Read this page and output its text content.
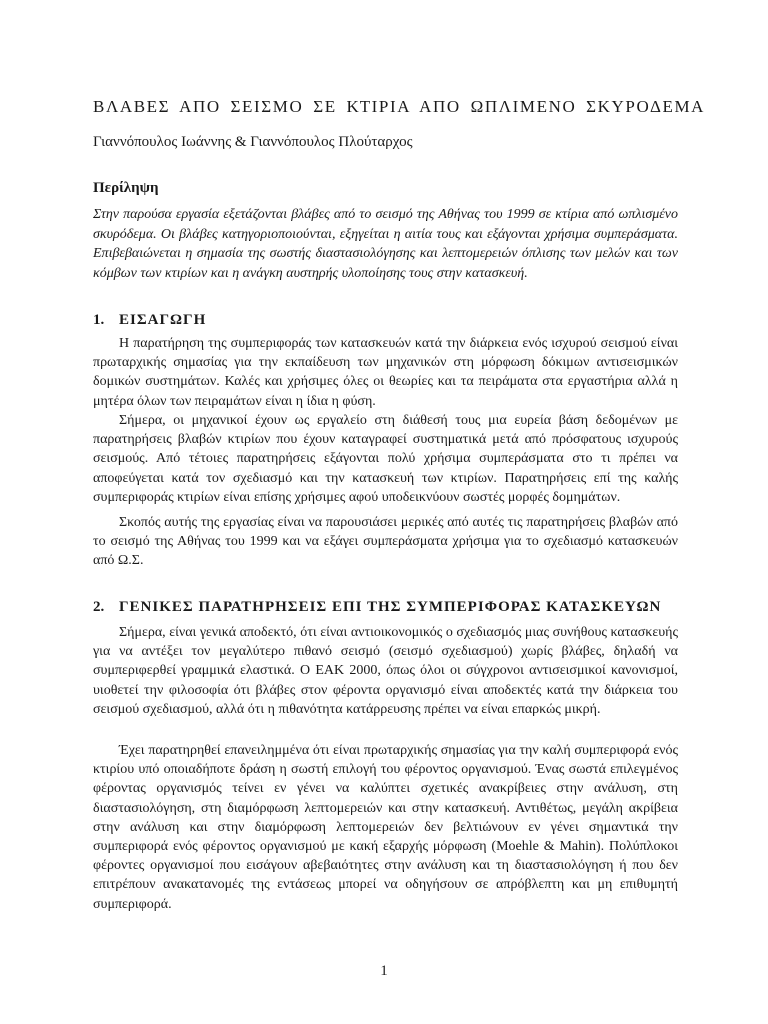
ΒΛΑΒΕΣ ΑΠΟ ΣΕΙΣΜΟ ΣΕ ΚΤΙΡΙΑ ΑΠΟ ΩΠΛΙΜΕΝΟ ΣΚΥΡΟΔΕΜΑ
Γιαννόπουλος Ιωάννης & Γιαννόπουλος Πλούταρχος
Περίληψη

Στην παρούσα εργασία εξετάζονται βλάβες από το σεισμό της Αθήνας του 1999 σε κτίρια από ωπλισμένο σκυρόδεμα. Οι βλάβες κατηγοριοποιούνται, εξηγείται η αιτία τους και εξάγονται χρήσιμα συμπεράσματα. Επιβεβαιώνεται η σημασία της σωστής διαστασιολόγησης και λεπτομερειών όπλισης των μελών και των κόμβων των κτιρίων και η ανάγκη αυστηρής υλοποίησης τους στην κατασκευή.

1. ΕΙΣΑΓΩΓΗ

Η παρατήρηση της συμπεριφοράς των κατασκευών κατά την διάρκεια ενός ισχυρού σεισμού είναι πρωταρχικής σημασίας για την εκπαίδευση των μηχανικών στη μόρφωση δόκιμων αντισεισμικών δομικών συστημάτων. Καλές και χρήσιμες όλες οι θεωρίες και τα πειράματα στα εργαστήρια αλλά η μητέρα όλων των πειραμάτων είναι η ίδια η φύση.

Σήμερα, οι μηχανικοί έχουν ως εργαλείο στη διάθεσή τους μια ευρεία βάση δεδομένων με παρατηρήσεις βλαβών κτιρίων που έχουν καταγραφεί συστηματικά μετά από πρόσφατους ισχυρούς σεισμούς. Από τέτοιες παρατηρήσεις εξάγονται πολύ χρήσιμα συμπεράσματα στο τι πρέπει να αποφεύγεται κατά τον σχεδιασμό και την κατασκευή των κτιρίων. Παρατηρήσεις επί της καλής συμπεριφοράς κτιρίων είναι επίσης χρήσιμες αφού υποδεικνύουν σωστές μορφές δομημάτων.

Σκοπός αυτής της εργασίας είναι να παρουσιάσει μερικές από αυτές τις παρατηρήσεις βλαβών από το σεισμό της Αθήνας του 1999 και να εξάγει συμπεράσματα χρήσιμα για το σχεδιασμό κατασκευών από Ω.Σ.

2. ΓΕΝΙΚΕΣ ΠΑΡΑΤΗΡΗΣΕΙΣ ΕΠΙ ΤΗΣ ΣΥΜΠΕΡΙΦΟΡΑΣ ΚΑΤΑΣΚΕΥΩΝ

Σήμερα, είναι γενικά αποδεκτό, ότι είναι αντιοικονομικός ο σχεδιασμός μιας συνήθους κατασκευής για να αντέξει τον μεγαλύτερο πιθανό σεισμό (σεισμό σχεδιασμού) χωρίς βλάβες, δηλαδή να συμπεριφερθεί γραμμικά ελαστικά. Ο ΕΑΚ 2000, όπως όλοι οι σύγχρονοι αντισεισμικοί κανονισμοί, υιοθετεί την φιλοσοφία ότι βλάβες στον φέροντα οργανισμό είναι αποδεκτές κατά την διάρκεια του σεισμού σχεδιασμού, αλλά ότι η πιθανότητα κατάρρευσης πρέπει να είναι επαρκώς μικρή.

Έχει παρατηρηθεί επανειλημμένα ότι είναι πρωταρχικής σημασίας για την καλή συμπεριφορά ενός κτιρίου υπό οποιαδήποτε δράση η σωστή επιλογή του φέροντος οργανισμού. Ένας σωστά επιλεγμένος φέροντας οργανισμός τείνει εν γένει να καλύπτει σχετικές ανακρίβειες στην ανάλυση, στη διαστασιολόγηση, στη διαμόρφωση λεπτομερειών και στην κατασκευή. Αντιθέτως, μεγάλη ακρίβεια στην ανάλυση και στην διαμόρφωση λεπτομερειών δεν βελτιώνουν εν γένει σημαντικά την συμπεριφορά ενός φέροντος οργανισμού με κακή εξαρχής μόρφωση (Moehle & Mahin). Πολύπλοκοι φέροντες οργανισμοί που εισάγουν αβεβαιότητες στην ανάλυση και τη διαστασιολόγηση ή που δεν επιτρέπουν ανακατανομές της εντάσεως μπορεί να οδηγήσουν σε απρόβλεπτη και μη επιθυμητή συμπεριφορά.

1
